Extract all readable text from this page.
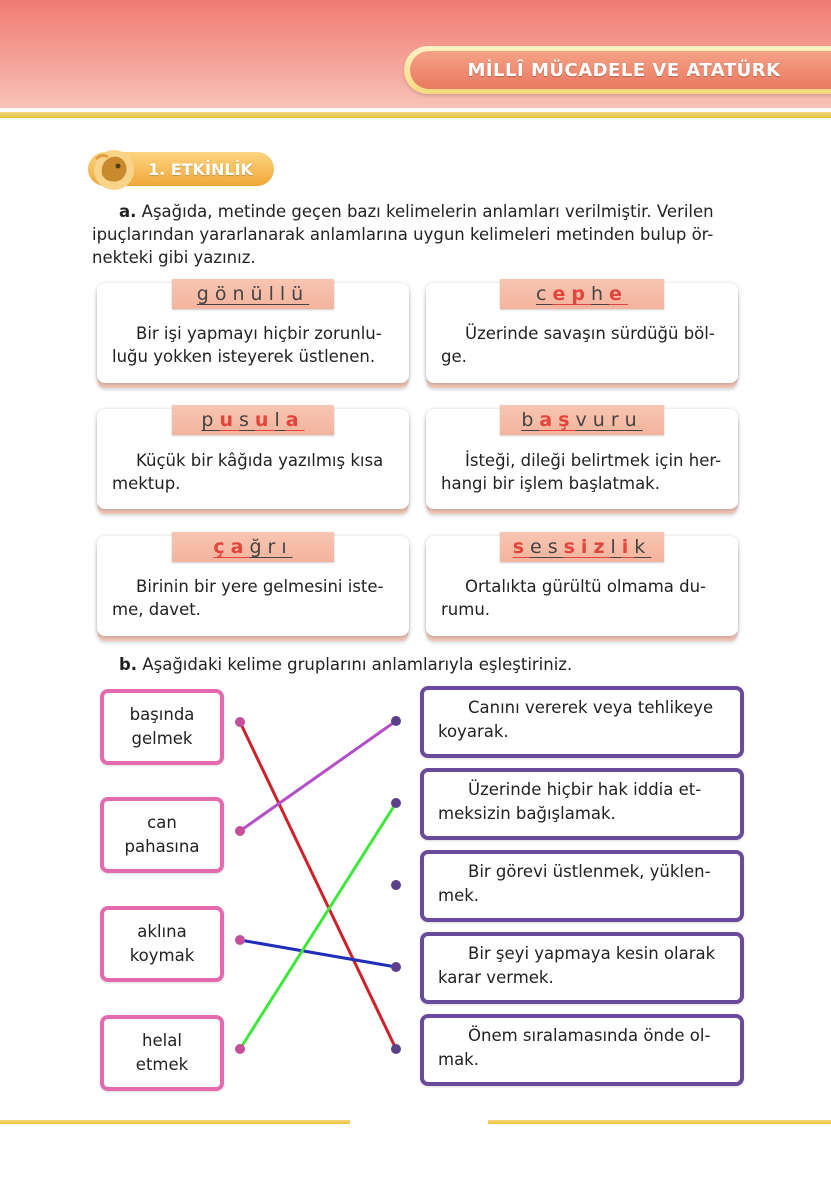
MİLLÎ MÜCADELE VE ATATÜRK
1. ETKİNLİK
a. Aşağıda, metinde geçen bazı kelimelerin anlamları verilmiştir. Verilen
ipuçlarından yararlanarak anlamlarına uygun kelimeleri metinden bulup ör-
nekteki gibi yazınız.
g ö n ü l l ü	c e p h e
p u s u l a	b a ş v u r u
ç a ğ r ı	s e s s i z l i k
Bir işi yapmayı hiçbir zorunlu-
luğu yokken isteyerek üstlenen.
Üzerinde savaşın sürdüğü böl-
ge.
Küçük bir kâğıda yazılmış kısa
mektup.
İsteği, dileği belirtmek için her-
hangi bir işlem başlatmak.
Birinin bir yere gelmesini iste-
me, davet.
Ortalıkta gürültü olmama du-
rumu.
b. Aşağıdaki kelime gruplarını anlamlarıyla eşleştiriniz.
başında
gelmek
can
pahasına
aklına
koymak
helal
etmek
Canını vererek veya tehlikeye
koyarak.
Üzerinde hiçbir hak iddia et-
meksizin bağışlamak.
Bir görevi üstlenmek, yüklen-
mek.
Bir şeyi yapmaya kesin olarak
karar vermek.
Önem sıralamasında önde ol-
mak.
